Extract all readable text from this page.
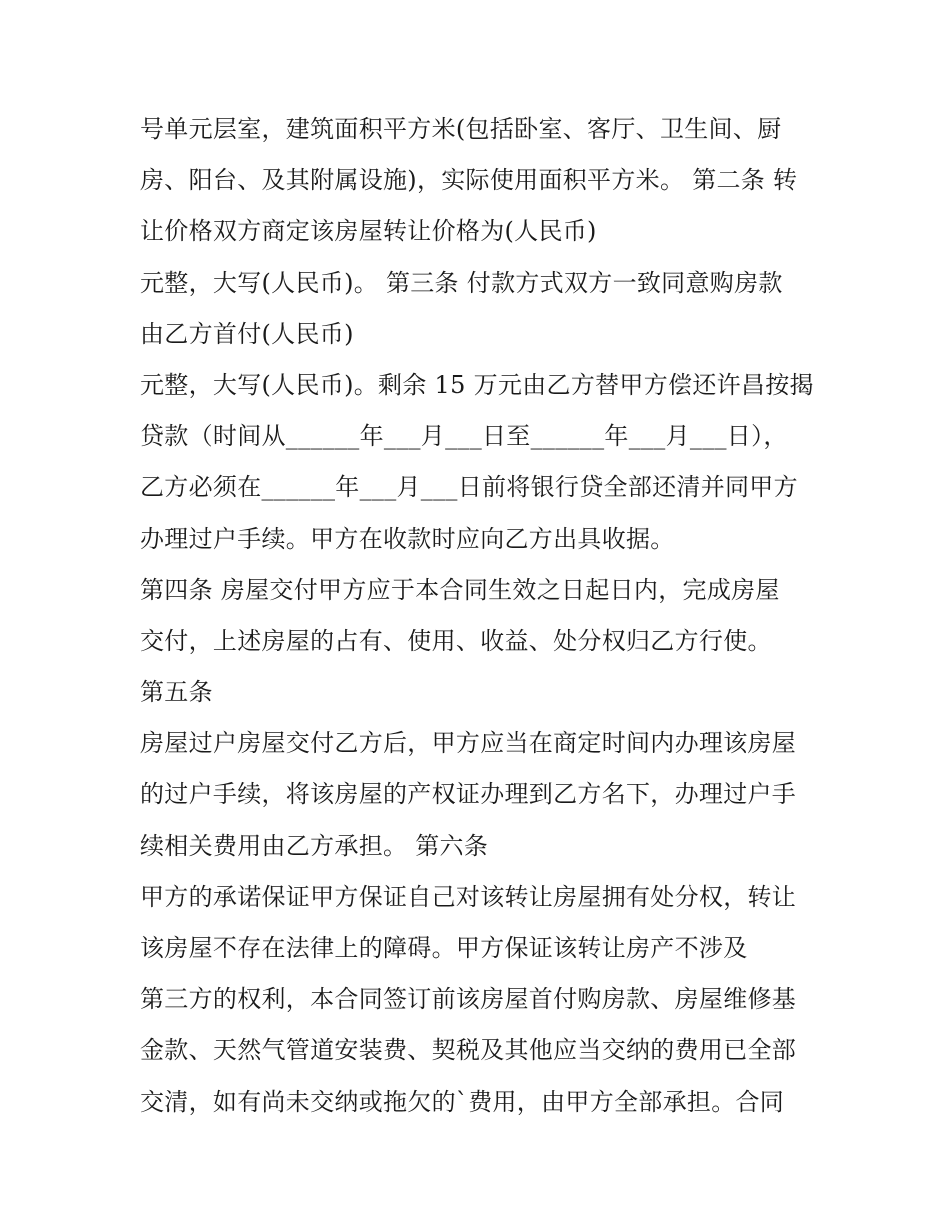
号单元层室，建筑面积平方米(包括卧室、客厅、卫生间、厨
房、阳台、及其附属设施)，实际使用面积平方米。 第二条 转
让价格双方商定该房屋转让价格为(人民币)
元整，大写(人民币)。 第三条 付款方式双方一致同意购房款
由乙方首付(人民币)
元整，大写(人民币)。剩余 15 万元由乙方替甲方偿还许昌按揭
贷款（时间从______年___月___日至______年___月___日），
乙方必须在______年___月___日前将银行贷全部还清并同甲方
办理过户手续。甲方在收款时应向乙方出具收据。
第四条 房屋交付甲方应于本合同生效之日起日内，完成房屋
交付，上述房屋的占有、使用、收益、处分权归乙方行使。
第五条
房屋过户房屋交付乙方后，甲方应当在商定时间内办理该房屋
的过户手续，将该房屋的产权证办理到乙方名下，办理过户手
续相关费用由乙方承担。 第六条
甲方的承诺保证甲方保证自己对该转让房屋拥有处分权，转让
该房屋不存在法律上的障碍。甲方保证该转让房产不涉及
第三方的权利，本合同签订前该房屋首付购房款、房屋维修基
金款、天然气管道安装费、契税及其他应当交纳的费用已全部
交清，如有尚未交纳或拖欠的`费用，由甲方全部承担。合同
